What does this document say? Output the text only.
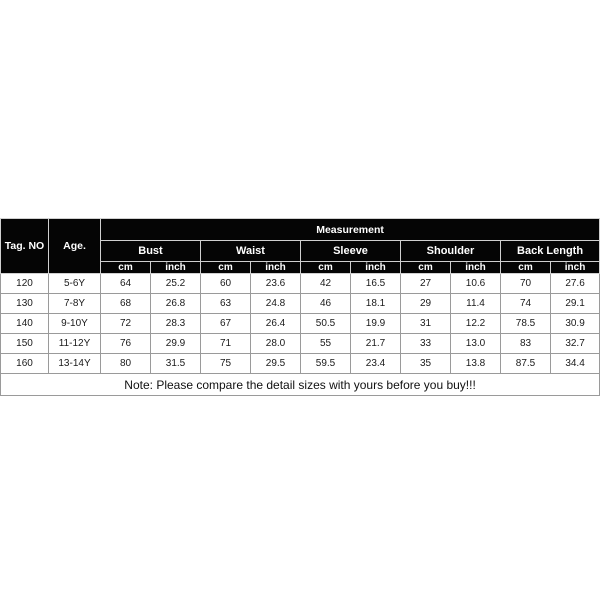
Tag. NO	Age.	Measurement									
		Bust		Waist		Sleeve		Shoulder		Back Length	
		cm	inch	cm	inch	cm	inch	cm	inch	cm	inch
120	5-6Y	64	25.2	60	23.6	42	16.5	27	10.6	70	27.6
130	7-8Y	68	26.8	63	24.8	46	18.1	29	11.4	74	29.1
140	9-10Y	72	28.3	67	26.4	50.5	19.9	31	12.2	78.5	30.9
150	11-12Y	76	29.9	71	28.0	55	21.7	33	13.0	83	32.7
160	13-14Y	80	31.5	75	29.5	59.5	23.4	35	13.8	87.5	34.4
Note: Please compare the detail sizes with yours before you buy!!!											
